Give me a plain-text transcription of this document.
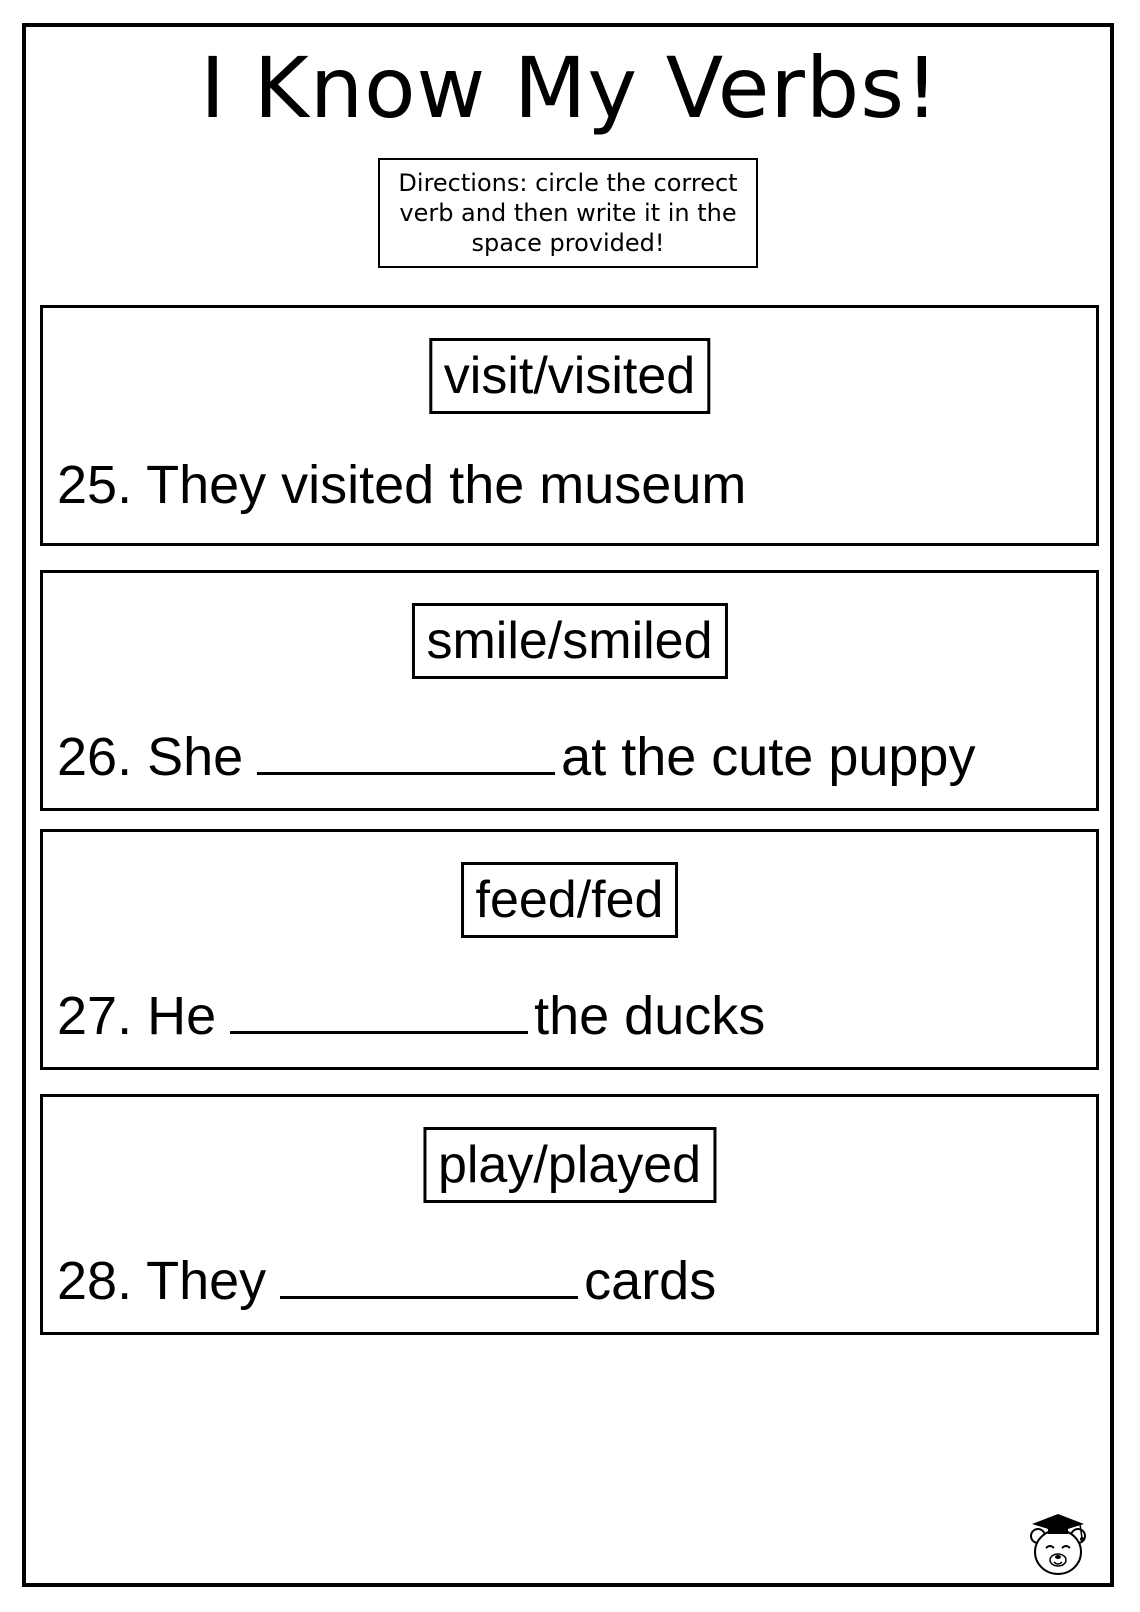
I Know My Verbs!
Directions: circle the correct verb and then write it in the space provided!
visit/visited
25. They visited the museum
smile/smiled
26. She	at the cute puppy
feed/fed
27. He	the ducks
play/played
28. They	cards
